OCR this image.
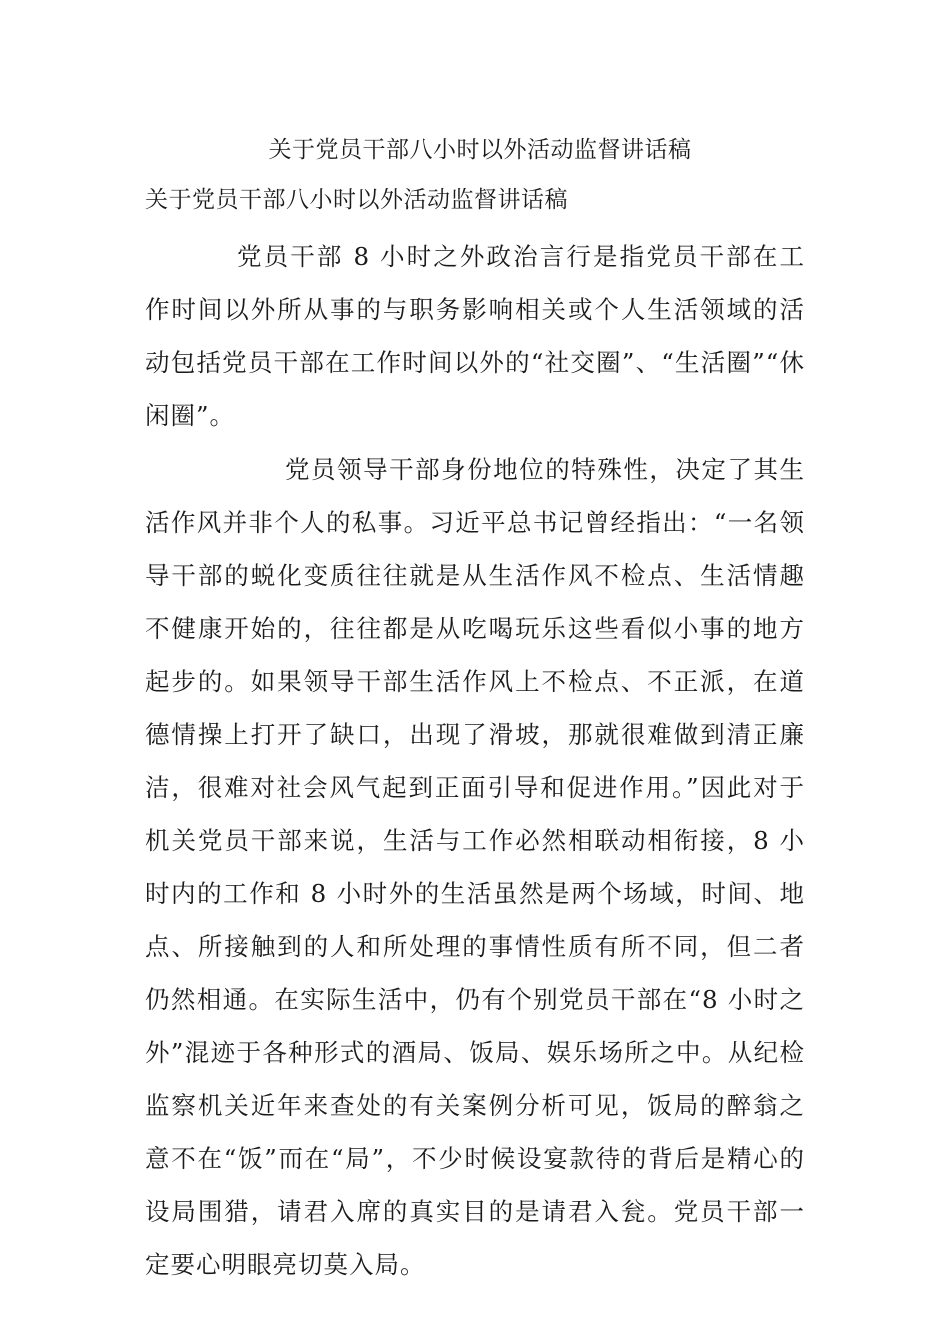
关于党员干部八小时以外活动监督讲话稿
关于党员干部八小时以外活动监督讲话稿

党员干部 8 小时之外政治言行是指党员干部在工作时间以外所从事的与职务影响相关或个人生活领域的活动包括党员干部在工作时间以外的“社交圈”、“生活圈”“休闲圈”。

党员领导干部身份地位的特殊性，决定了其生活作风并非个人的私事。习近平总书记曾经指出：“一名领导干部的蜕化变质往往就是从生活作风不检点、生活情趣不健康开始的，往往都是从吃喝玩乐这些看似小事的地方起步的。如果领导干部生活作风上不检点、不正派，在道德情操上打开了缺口，出现了滑坡，那就很难做到清正廉洁，很难对社会风气起到正面引导和促进作用。”因此对于机关党员干部来说，生活与工作必然相联动相衔接，8 小时内的工作和 8 小时外的生活虽然是两个场域，时间、地点、所接触到的人和所处理的事情性质有所不同，但二者仍然相通。在实际生活中，仍有个别党员干部在“8 小时之外”混迹于各种形式的酒局、饭局、娱乐场所之中。从纪检监察机关近年来查处的有关案例分析可见，饭局的醉翁之意不在“饭”而在“局”，不少时候设宴款待的背后是精心的设局围猎，请君入席的真实目的是请君入瓮。党员干部一定要心明眼亮切莫入局。
